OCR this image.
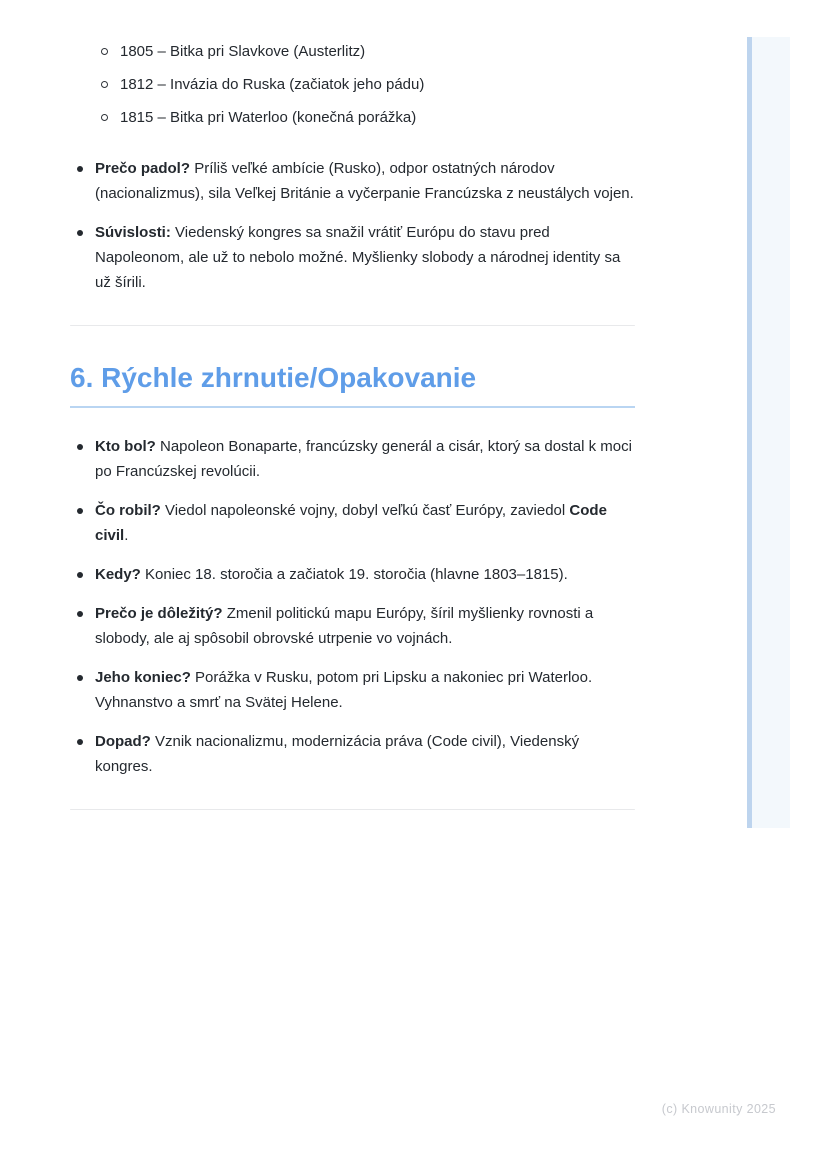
1805 – Bitka pri Slavkove (Austerlitz)
1812 – Invázia do Ruska (začiatok jeho pádu)
1815 – Bitka pri Waterloo (konečná porážka)
Prečo padol? Príliš veľké ambície (Rusko), odpor ostatných národov (nacionalizmus), sila Veľkej Británie a vyčerpanie Francúzska z neustálych vojen.
Súvislosti: Viedenský kongres sa snažil vrátiť Európu do stavu pred Napoleonom, ale už to nebolo možné. Myšlienky slobody a národnej identity sa už šírili.
6. Rýchle zhrnutie/Opakovanie
Kto bol? Napoleon Bonaparte, francúzsky generál a cisár, ktorý sa dostal k moci po Francúzskej revolúcii.
Čo robil? Viedol napoleonské vojny, dobyl veľkú časť Európy, zaviedol Code civil.
Kedy? Koniec 18. storočia a začiatok 19. storočia (hlavne 1803–1815).
Prečo je dôležitý? Zmenil politickú mapu Európy, šíril myšlienky rovnosti a slobody, ale aj spôsobil obrovské utrpenie vo vojnách.
Jeho koniec? Porážka v Rusku, potom pri Lipsku a nakoniec pri Waterloo. Vyhnanstvo a smrť na Svätej Helene.
Dopad? Vznik nacionalizmu, modernizácia práva (Code civil), Viedenský kongres.
(c) Knowunity 2025
